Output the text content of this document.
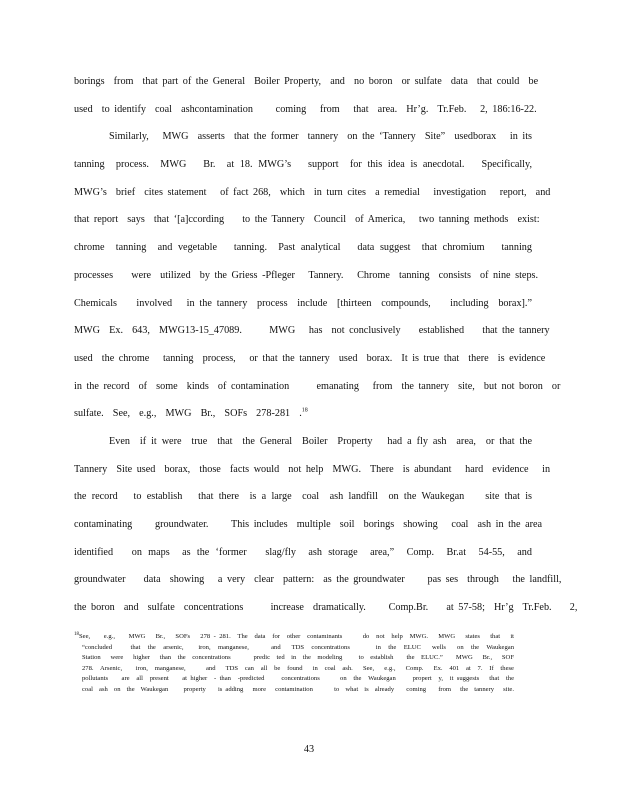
borings  from  that part of the General  Boiler Property,  and  no boron  or sulfate  data  that could  be
used  to identify  coal  ashcontamination     coming   from   that  area.  Hr’g.  Tr.Feb.   2, 186:16-22.
Similarly,   MWG  asserts  that the former  tannery  on the ‘Tannery  Site”  usedborax   in its
tanning  process.  MWG   Br.  at 18. MWG’s   support  for this idea is anecdotal.   Specifically,
MWG’s  brief  cites statement   of fact 268,  which  in turn cites  a remedial   investigation   report,  and
that report  says  that ‘[a]ccording    to the Tannery  Council  of America,   two tanning methods  exist:
chrome  tanning  and vegetable   tanning.  Past analytical   data suggest  that chromium   tanning
processes    were  utilized  by the Griess -Pfleger   Tannery.   Chrome  tanning  consists  of nine steps.
Chemicals    involved   in the tannery  process  include  [thirteen  compounds,    including  borax].”
MWG  Ex.  643,  MWG13-15_47089.      MWG   has  not conclusively    established    that the tannery
used  the chrome   tanning  process,   or that the tannery  used  borax.  It is true that  there  is evidence
in the record  of  some  kinds  of contamination      emanating   from  the tannery  site,  but not boron  or
sulfate.  See,  e.g.,  MWG  Br.,  SOFs  278-281  .$^{18}$
Even  if it were  true  that  the General  Boiler  Property   had a fly ash  area,  or that the
Tannery  Site used  borax,  those  facts would  not help  MWG.  There  is abundant   hard  evidence   in
the record   to establish   that there  is a large  coal  ash landfill  on the Waukegan    site that is
contaminating     groundwater.     This includes  multiple  soil  borings  showing   coal  ash in the area
identified   on maps  as the ‘former   slag/fly  ash storage  area,”  Comp.  Br.at  54-55,  and
groundwater    data  showing   a very  clear  pattern:  as the groundwater     pas ses  through   the landfill,
the boron  and  sulfate  concentrations      increase  dramatically.     Comp.Br.    at 57-58;  Hr’g  Tr.Feb.    2,
$^{18}$See,    e.g.,    MWG   Br.,   SOFs   278 - 281.  The  data  for  other  contaminants      do  not  help  MWG.   MWG   states   that   it
“concluded     that  the  arsenic,    iron,  manganese,      and   TDS  concentrations       in  the  ELUC   wells   on  the  Waukegan
Station   were   higher   than  the  concentrations       predic  ted  in  the  modeling     to  establish    the  ELUC.”    MWG   Br.,   SOF
278.  Arsenic,    iron,  manganese,      and   TDS  can  all  be  found   in  coal  ash.   See,   e.g.,   Comp.   Ex.  401  at  7.  If  these
pollutants    are  all  present    at higher  - than  -predicted     concentrations      on  the  Waukegan     propert  y,  it suggests   that  the
coal  ash  on  the  Waukegan     property    is adding   more   contamination       to  what  is  already    coming    from   the  tannery   site.
43
